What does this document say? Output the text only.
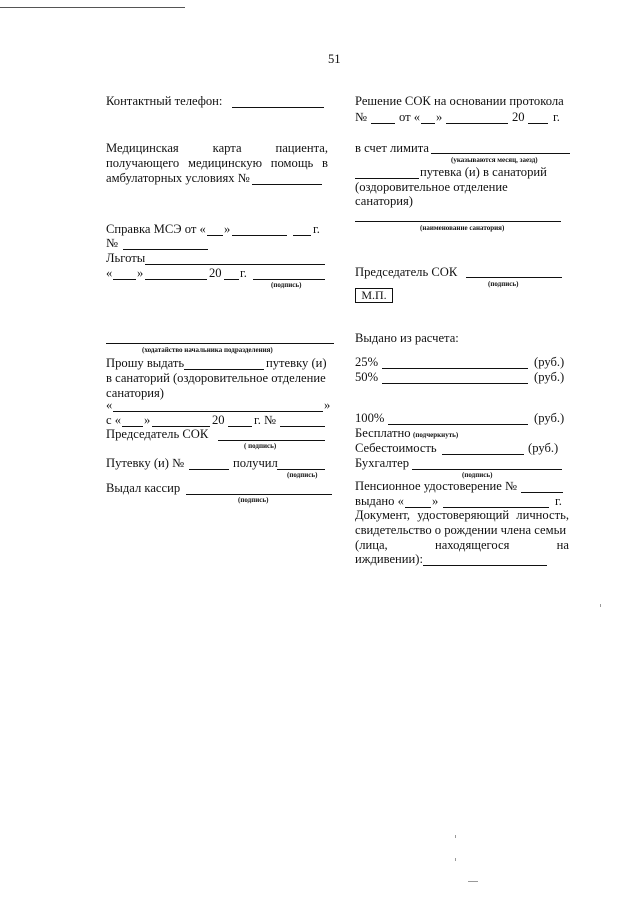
51
Контактный телефон:
Медицинская	карта	пациента,
получающего медицинскую помощь в
амбулаторных условиях №
Справка МСЭ от « »	г.
№
Льготы
« »	20 г.
(подпись)
(ходатайство начальника подразделения)
Прошу выдать	путевку (и)
в санаторий (оздоровительное отделение
санатория)
«	»
с « »	20 г. №
Председатель СОК
( подпись)
Путевку (и) №	получил
(подпись)
Выдал кассир
(подпись)
Решение СОК на основании протокола
№	от « »	20 г.
в счет лимита
(указываются месяц, заезд)
путевка (и) в санаторий
(оздоровительное отделение
санатория)
(наименование санатория)
Председатель СОК
(подпись)
М.П.
Выдано из расчета:
25%	(руб.)
50%	(руб.)
100%	(руб.)
Бесплатно (подчеркнуть)
Себестоимость	(руб.)
Бухгалтер
(подпись)
Пенсионное удостоверение №
выдано « »	г.
Документ, удостоверяющий личность,
свидетельство о рождении члена семьи
(лица,	находящегося	на
иждивении):
